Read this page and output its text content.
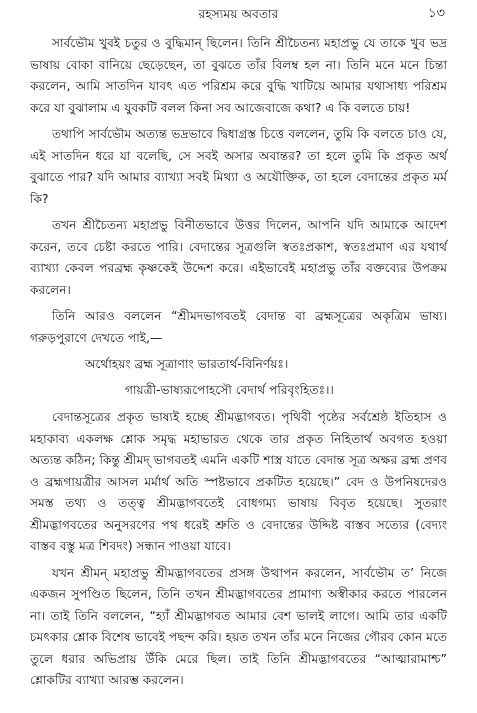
রহস্যময় অবতার	১৩

সার্বভৌম খুবই চতুর ও বুদ্ধিমান্ ছিলেন। তিনি শ্রীচৈতন্য মহাপ্রভু যে তাকে খুব ভদ্র ভাষায় বোকা বানিয়ে ছেড়েছেন, তা বুঝতে তাঁর বিলম্ব হল না। তিনি মনে মনে চিন্তা করলেন, আমি সাতদিন যাবৎ এত পরিশ্রম করে বুদ্ধি খাটিয়ে আমার যথাসাধ্য পরিশ্রম করে যা বুঝালাম এ যুবকটি বলল কিনা সব আজেবাজে কথা? এ কি বলতে চায়!

তথাপি সার্বভৌম অত্যন্ত ভদ্রভাবে দ্বিধাগ্রস্ত চিত্তে বললেন, তুমি কি বলতে চাও যে, এই সাতদিন ধরে যা বলেছি, সে সবই অসার অবান্তর? তা হলে তুমি কি প্রকৃত অর্থ বুঝাতে পার? যদি আমার ব্যাখ্যা সবই মিথ্যা ও অযৌক্তিক, তা হলে বেদান্তের প্রকৃত মর্ম কি?

তখন শ্রীচৈতন্য মহাপ্রভু বিনীতভাবে উত্তর দিলেন, আপনি যদি আমাকে আদেশ করেন, তবে চেষ্টা করতে পারি। বেদান্তের সূত্রগুলি স্বতঃপ্রকাশ, স্বতঃপ্রমাণ এর যথার্থ ব্যাখ্যা কেবল পরব্রহ্ম কৃষ্ণকেই উদ্দেশ করে। এইভাবেই মহাপ্রভু তাঁর বক্তব্যের উপক্রম করলেন।

তিনি আরও বললেন “শ্রীমদভাগবতই বেদান্ত বা ব্রহ্মসূত্রের অকৃত্রিম ভাষ্য। গরুড়পুরাণে দেখতে পাই,—

অর্থোহয়ং ব্রহ্ম সূত্রাণাং ভারতার্থ-বিনির্ণয়ঃ।

গায়ত্রী-ভাষ্যরূপোহসৌ বেদার্থ পরিবৃংহিতঃ।।

বেদান্তসূত্রের প্রকৃত ভাষ্যই হচ্ছে শ্রীমদ্ভাগবত। পৃথিবী পৃষ্ঠের সর্বশ্রেষ্ঠ ইতিহাস ও মহাকাব্য একলক্ষ শ্লোক সমৃদ্ধ মহাভারত থেকে তার প্রকৃত নিহিতার্থ অবগত হওয়া অত্যন্ত কঠিন; কিন্তু শ্রীমদ্ ভাগবতই এমনি একটি শাস্ত্র যাতে বেদান্ত সূত্র অক্ষর ব্রহ্ম প্রণব ও ব্রহ্মগায়ত্রীর আসল মর্মার্থ অতি স্পষ্টভাবে প্রকটিত হয়েছে।” বেদ ও উপনিষদেরও সমস্ত তথ্য ও তত্ত্ব শ্রীমদ্ভাগবতেই বোধগম্য ভাষায় বিবৃত হয়েছে। সুতরাং শ্রীমদ্ভাগবতের অনুসরণের পথ ধরেই শ্রুতি ও বেদান্তের উদ্দিষ্ট বাস্তব সত্যের (বেদ্যং বাস্তব বস্তু মত্র শিবদং) সন্ধান পাওয়া যাবে।

যখন শ্রীমন্ মহাপ্রভু শ্রীমদ্ভাগবতের প্রসঙ্গ উত্থাপন করলেন, সার্বভৌম ত’ নিজে একজন সুপণ্ডিত ছিলেন, তিনি তখন শ্রীমদ্ভাগবতের প্রামাণ্য অস্বীকার করতে পারলেন না। তাই তিনি বললেন, “হ্যাঁ শ্রীমদ্ভাগবত আমার বেশ ভালই লাগে। আমি তার একটি চমৎকার শ্লোক বিশেষ ভাবেই পছন্দ করি। হয়ত তখন তাঁর মনে নিজের গৌরব কোন মতে তুলে ধরার অভিপ্রায় উঁকি মেরে ছিল। তাই তিনি শ্রীমদ্ভাগবতের “আত্মারামাশ্চ” শ্লোকটির ব্যাখ্যা আরম্ভ করলেন।
